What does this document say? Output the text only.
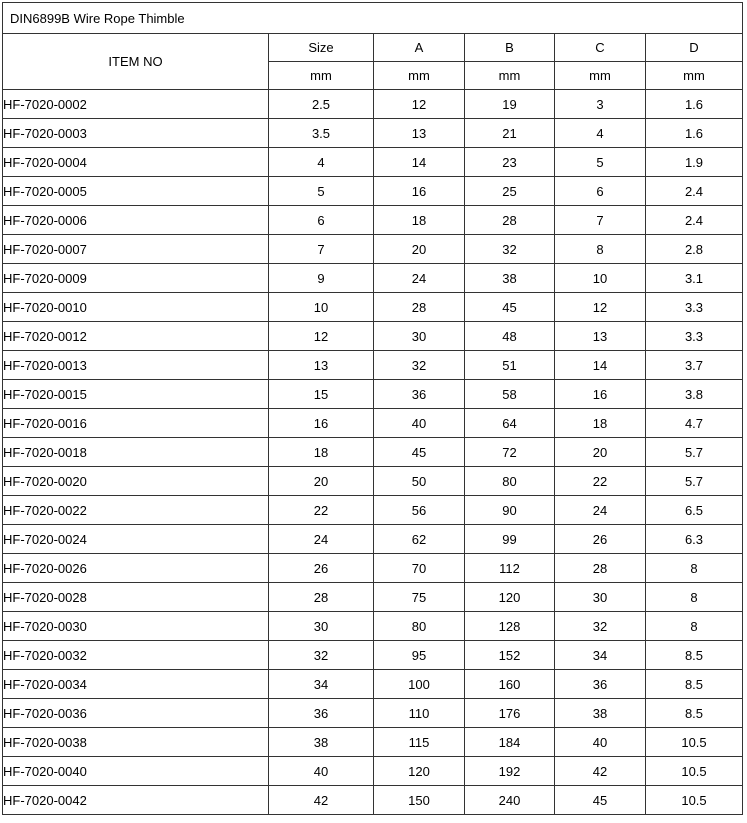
DIN6899B Wire Rope Thimble					
ITEM NO	Size	A	B	C	D
	mm	mm	mm	mm	mm
HF-7020-0002	2.5	12	19	3	1.6
HF-7020-0003	3.5	13	21	4	1.6
HF-7020-0004	4	14	23	5	1.9
HF-7020-0005	5	16	25	6	2.4
HF-7020-0006	6	18	28	7	2.4
HF-7020-0007	7	20	32	8	2.8
HF-7020-0009	9	24	38	10	3.1
HF-7020-0010	10	28	45	12	3.3
HF-7020-0012	12	30	48	13	3.3
HF-7020-0013	13	32	51	14	3.7
HF-7020-0015	15	36	58	16	3.8
HF-7020-0016	16	40	64	18	4.7
HF-7020-0018	18	45	72	20	5.7
HF-7020-0020	20	50	80	22	5.7
HF-7020-0022	22	56	90	24	6.5
HF-7020-0024	24	62	99	26	6.3
HF-7020-0026	26	70	112	28	8
HF-7020-0028	28	75	120	30	8
HF-7020-0030	30	80	128	32	8
HF-7020-0032	32	95	152	34	8.5
HF-7020-0034	34	100	160	36	8.5
HF-7020-0036	36	110	176	38	8.5
HF-7020-0038	38	115	184	40	10.5
HF-7020-0040	40	120	192	42	10.5
HF-7020-0042	42	150	240	45	10.5
